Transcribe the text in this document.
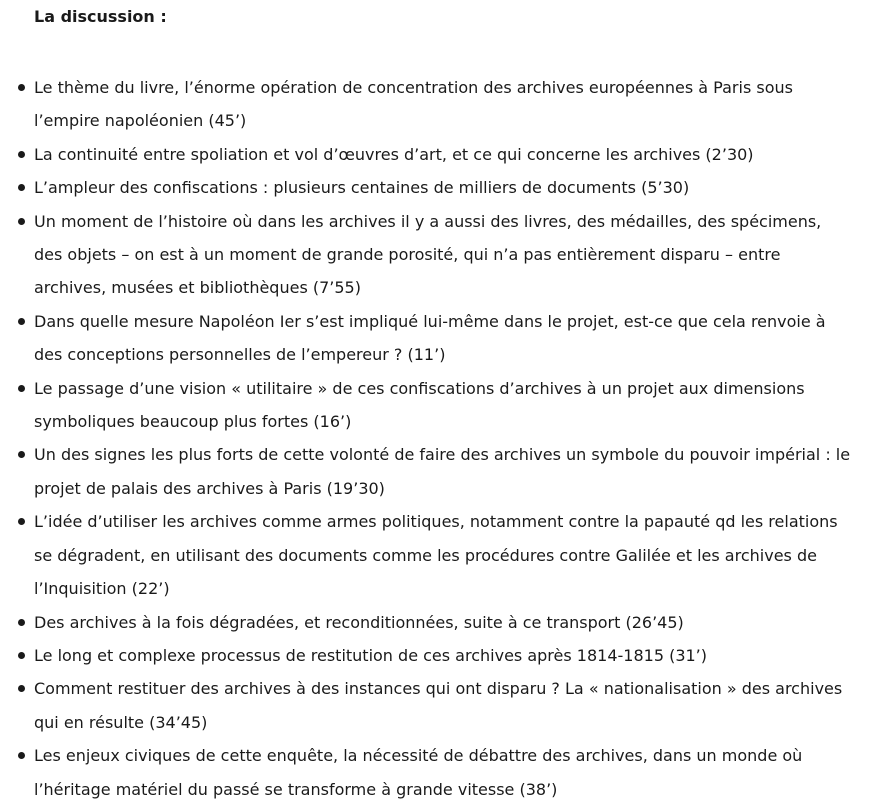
La discussion :
Le thème du livre, l’énorme opération de concentration des archives européennes à Paris sous l’empire napoléonien (45’)
La continuité entre spoliation et vol d’œuvres d’art, et ce qui concerne les archives (2’30)
L’ampleur des confiscations : plusieurs centaines de milliers de documents (5’30)
Un moment de l’histoire où dans les archives il y a aussi des livres, des médailles, des spécimens, des objets – on est à un moment de grande porosité, qui n’a pas entièrement disparu – entre archives, musées et bibliothèques (7’55)
Dans quelle mesure Napoléon Ier s’est impliqué lui-même dans le projet, est-ce que cela renvoie à des conceptions personnelles de l’empereur ? (11’)
Le passage d’une vision « utilitaire » de ces confiscations d’archives à un projet aux dimensions symboliques beaucoup plus fortes (16’)
Un des signes les plus forts de cette volonté de faire des archives un symbole du pouvoir impérial : le projet de palais des archives à Paris (19’30)
L’idée d’utiliser les archives comme armes politiques, notamment contre la papauté qd les relations se dégradent, en utilisant des documents comme les procédures contre Galilée et les archives de l’Inquisition (22’)
Des archives à la fois dégradées, et reconditionnées, suite à ce transport (26’45)
Le long et complexe processus de restitution de ces archives après 1814-1815 (31’)
Comment restituer des archives à des instances qui ont disparu ? La « nationalisation » des archives qui en résulte (34’45)
Les enjeux civiques de cette enquête, la nécessité de débattre des archives, dans un monde où l’héritage matériel du passé se transforme à grande vitesse (38’)
